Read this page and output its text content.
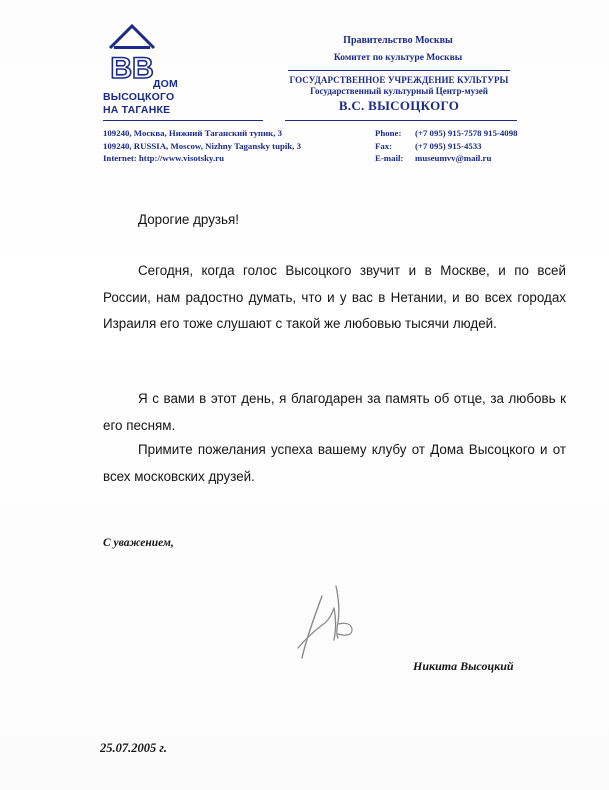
BB ДОМ
ВЫСОЦКОГО
НА ТАГАНКЕ
Правительство Москвы
Комитет по культуре Москвы
ГОСУДАРСТВЕННОЕ УЧРЕЖДЕНИЕ КУЛЬТУРЫ
Государственный культурный Центр-музей
В.С. ВЫСОЦКОГО
109240, Москва, Нижний Таганский тупик, 3
109240, RUSSIA, Moscow, Nizhny Tagansky tupik, 3
Internet: http://www.visotsky.ru
Phone: (+7 095) 915-7578 915-4098
Fax:	(+7 095) 915-4533
E-mail: museumvv@mail.ru
Дорогие друзья!

Сегодня, когда голос Высоцкого звучит и в Москве, и по всей России, нам радостно думать, что и у вас в Нетании, и во всех городах Израиля его тоже слушают с такой же любовью тысячи людей.

Я с вами в этот день, я благодарен за память об отце, за любовь к его песням.

Примите пожелания успеха вашему клубу от Дома Высоцкого и от всех московских друзей.

С уважением,
Никита Высоцкий
25.07.2005 г.
